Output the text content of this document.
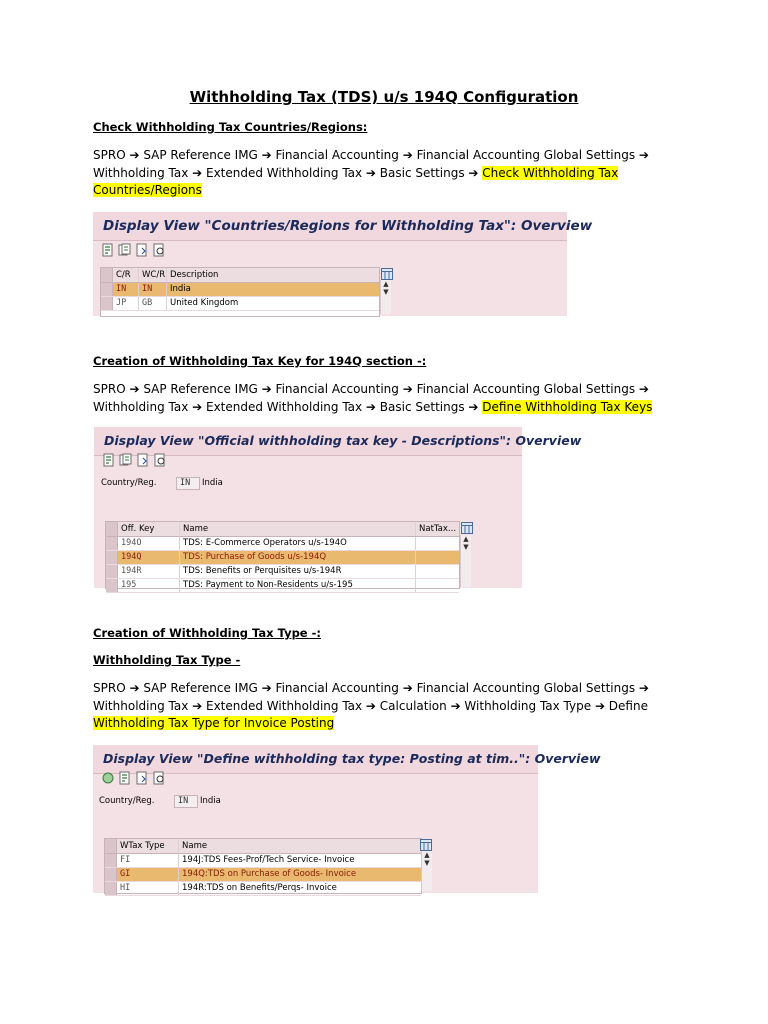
Withholding Tax (TDS) u/s 194Q Configuration
Check Withholding Tax Countries/Regions:
SPRO ➔ SAP Reference IMG ➔ Financial Accounting ➔ Financial Accounting Global Settings ➔ Withholding Tax ➔ Extended Withholding Tax ➔ Basic Settings ➔ Check Withholding Tax Countries/Regions
Display View "Countries/Regions for Withholding Tax": Overview
C/R	WC/R Description
IN	IN	India
JP	GB	United Kingdom
▲
▼
Creation of Withholding Tax Key for 194Q section -:
SPRO ➔ SAP Reference IMG ➔ Financial Accounting ➔ Financial Accounting Global Settings ➔ Withholding Tax ➔ Extended Withholding Tax ➔ Basic Settings ➔ Define Withholding Tax Keys
Display View "Official withholding tax key - Descriptions": Overview
Country/Reg.	IN	India
Off. Key	Name	NatTax...
194O	TDS: E-Commerce Operators u/s-194O
194Q	TDS: Purchase of Goods u/s-194Q
194R	TDS: Benefits or Perquisites u/s-194R
195	TDS: Payment to Non-Residents u/s-195
▲
▼
Creation of Withholding Tax Type -:
Withholding Tax Type -
SPRO ➔ SAP Reference IMG ➔ Financial Accounting ➔ Financial Accounting Global Settings ➔ Withholding Tax ➔ Extended Withholding Tax ➔ Calculation ➔ Withholding Tax Type ➔ Define Withholding Tax Type for Invoice Posting
Display View "Define withholding tax type: Posting at tim..": Overview
Country/Reg.	IN	India
WTax Type	Name
FI	194J:TDS Fees-Prof/Tech Service- Invoice
GI	194Q:TDS on Purchase of Goods- Invoice
HI	194R:TDS on Benefits/Perqs- Invoice
▲
▼
